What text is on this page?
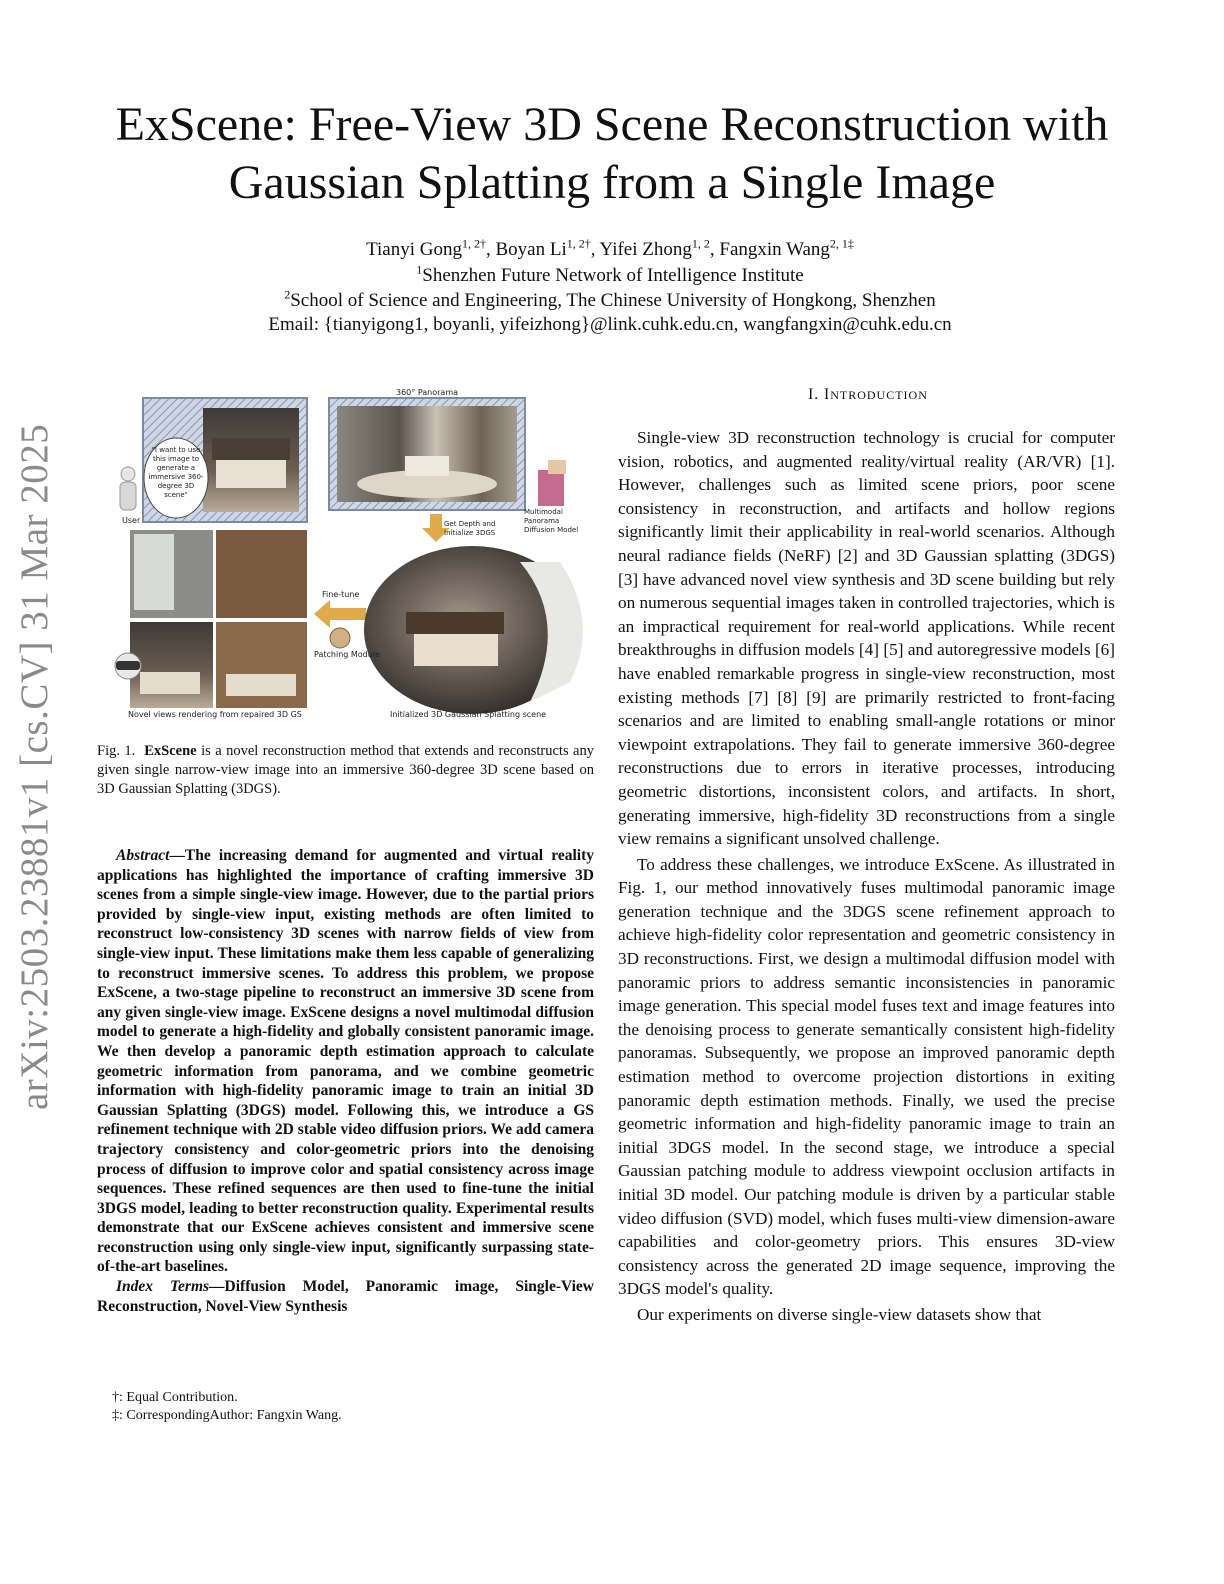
arXiv:2503.23881v1 [cs.CV] 31 Mar 2025
ExScene: Free-View 3D Scene Reconstruction with
Gaussian Splatting from a Single Image
Tianyi Gong$^{1, 2\dagger}$, Boyan $Li^{1, 2\dagger}$, Yifei Zhong$^{1, 2}$, Fangxin Wang$^{2, 1\ddagger}$
$^1$Shenzhen Future Network of Intelligence Institute
$^2$School of Science and Engineering, The Chinese University of Hongkong, Shenzhen
Email: {tianyigong1, boyanli, yifeizhong}@link.cuhk.edu.cn, wangfangxin@cuhk.edu.cn
360° Panorama
"I want to use this image to generate a immersive 360-degree 3D scene"
User
Multimodal Panorama Diffusion Model
Get Depth and Initialize 3DGS
Fine-tune
Patching Module
Novel views rendering from repaired 3D GS	Initialized 3D Gaussian Splatting scene
Fig. 1. ExScene is a novel reconstruction method that extends and reconstructs any given single narrow-view image into an immersive 360-degree 3D scene based on 3D Gaussian Splatting (3DGS).

Abstract—The increasing demand for augmented and virtual reality applications has highlighted the importance of crafting immersive 3D scenes from a simple single-view image. However, due to the partial priors provided by single-view input, existing methods are often limited to reconstruct low-consistency 3D scenes with narrow fields of view from single-view input. These limitations make them less capable of generalizing to reconstruct immersive scenes. To address this problem, we propose ExScene, a two-stage pipeline to reconstruct an immersive 3D scene from any given single-view image. ExScene designs a novel multimodal diffusion model to generate a high-fidelity and globally consistent panoramic image. We then develop a panoramic depth estimation approach to calculate geometric information from panorama, and we combine geometric information with high-fidelity panoramic image to train an initial 3D Gaussian Splatting (3DGS) model. Following this, we introduce a GS refinement technique with 2D stable video diffusion priors. We add camera trajectory consistency and color-geometric priors into the denoising process of diffusion to improve color and spatial consistency across image sequences. These refined sequences are then used to fine-tune the initial 3DGS model, leading to better reconstruction quality. Experimental results demonstrate that our ExScene achieves consistent and immersive scene reconstruction using only single-view input, significantly surpassing state-of-the-art baselines.

Index Terms—Diffusion Model, Panoramic image, Single-View Reconstruction, Novel-View Synthesis

†: Equal Contribution.
‡: CorrespondingAuthor: Fangxin Wang.
I. INTRODUCTION

Single-view 3D reconstruction technology is crucial for computer vision, robotics, and augmented reality/virtual reality (AR/VR) [1]. However, challenges such as limited scene priors, poor scene consistency in reconstruction, and artifacts and hollow regions significantly limit their applicability in real-world scenarios. Although neural radiance fields (NeRF) [2] and 3D Gaussian splatting (3DGS) [3] have advanced novel view synthesis and 3D scene building but rely on numerous sequential images taken in controlled trajectories, which is an impractical requirement for real-world applications. While recent breakthroughs in diffusion models [4] [5] and autoregressive models [6] have enabled remarkable progress in single-view reconstruction, most existing methods [7] [8] [9] are primarily restricted to front-facing scenarios and are limited to enabling small-angle rotations or minor viewpoint extrapolations. They fail to generate immersive 360-degree reconstructions due to errors in iterative processes, introducing geometric distortions, inconsistent colors, and artifacts. In short, generating immersive, high-fidelity 3D reconstructions from a single view remains a significant unsolved challenge.

To address these challenges, we introduce ExScene. As illustrated in Fig. 1, our method innovatively fuses multimodal panoramic image generation technique and the 3DGS scene refinement approach to achieve high-fidelity color representation and geometric consistency in 3D reconstructions. First, we design a multimodal diffusion model with panoramic priors to address semantic inconsistencies in panoramic image generation. This special model fuses text and image features into the denoising process to generate semantically consistent high-fidelity panoramas. Subsequently, we propose an improved panoramic depth estimation method to overcome projection distortions in exiting panoramic depth estimation methods. Finally, we used the precise geometric information and high-fidelity panoramic image to train an initial 3DGS model. In the second stage, we introduce a special Gaussian patching module to address viewpoint occlusion artifacts in initial 3D model. Our patching module is driven by a particular stable video diffusion (SVD) model, which fuses multi-view dimension-aware capabilities and color-geometry priors. This ensures 3D-view consistency across the generated 2D image sequence, improving the 3DGS model's quality.

Our experiments on diverse single-view datasets show that
